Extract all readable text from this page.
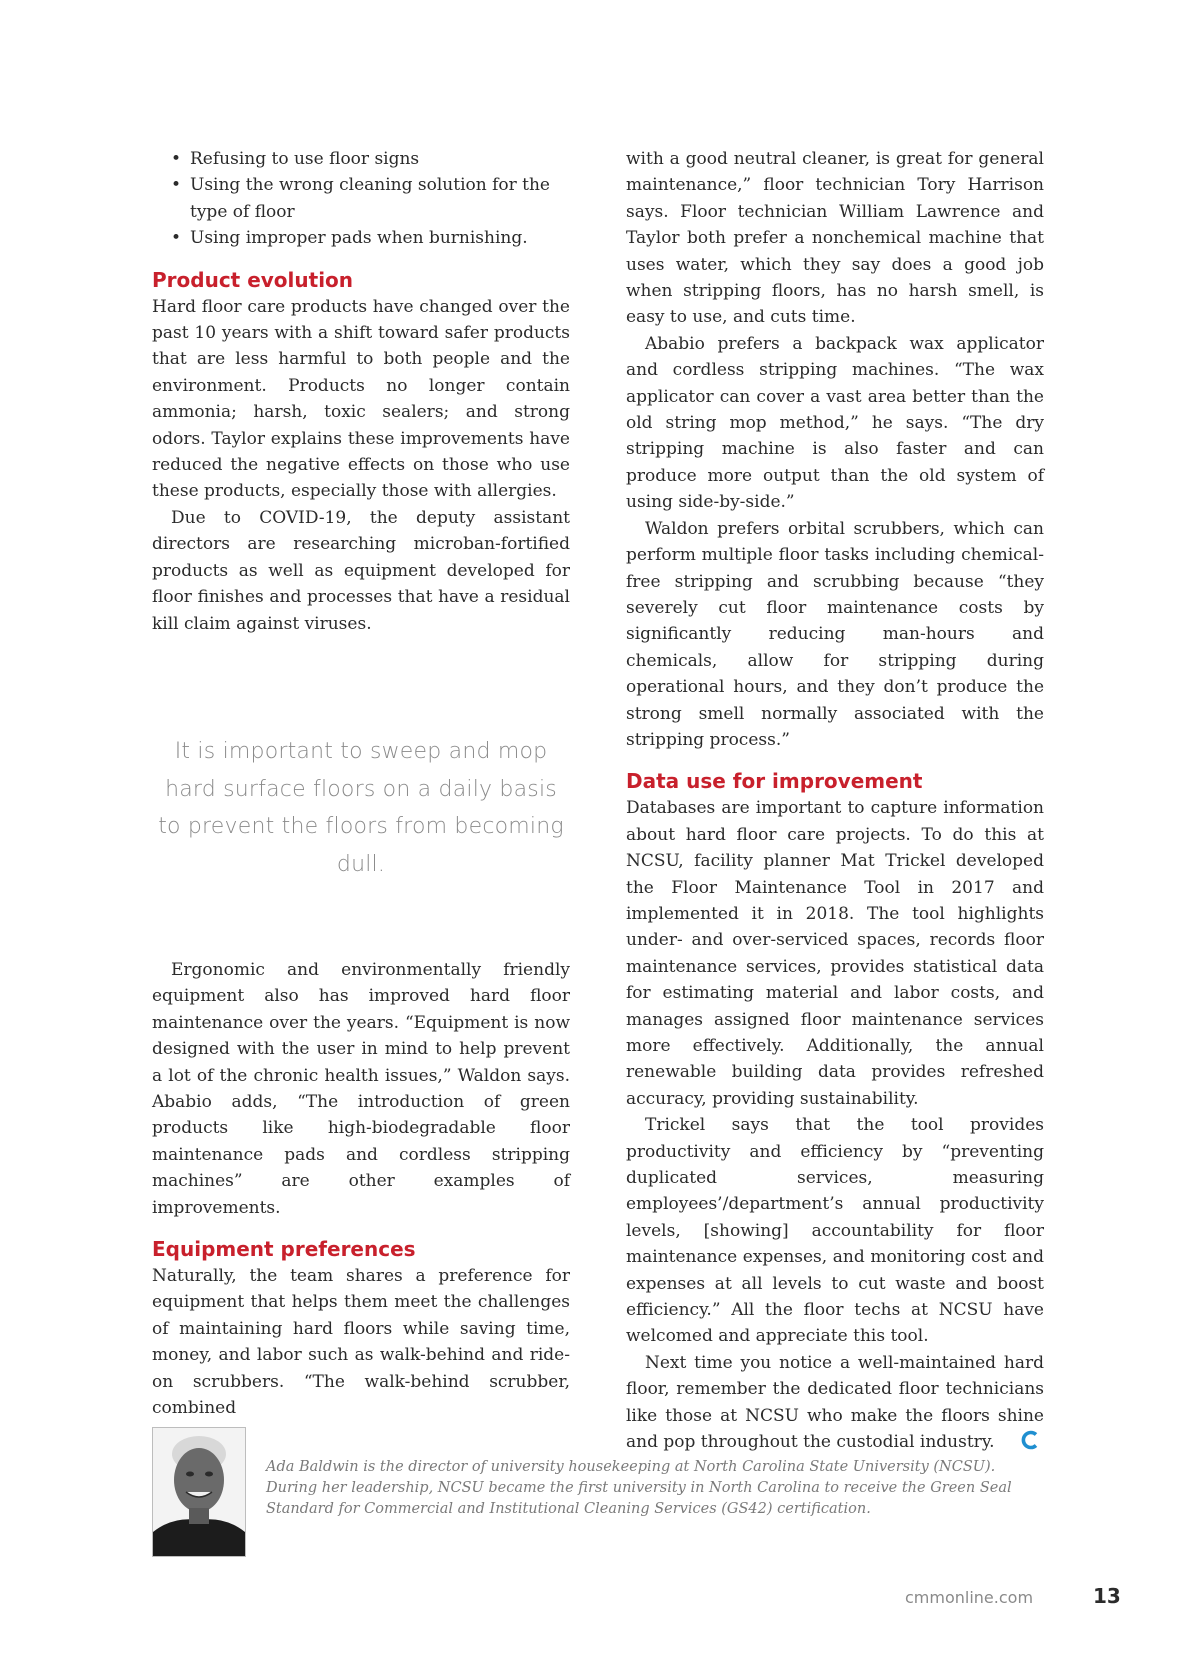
• Refusing to use floor signs
• Using the wrong cleaning solution for the type of floor
• Using improper pads when burnishing.
Product evolution

Hard floor care products have changed over the past 10 years with a shift toward safer products that are less harmful to both people and the environment. Products no longer contain ammonia; harsh, toxic sealers; and strong odors. Taylor explains these improvements have reduced the negative effects on those who use these products, especially those with allergies.

Due to COVID-19, the deputy assistant directors are researching microban-fortified products as well as equipment developed for floor finishes and processes that have a residual kill claim against viruses.

It is important to sweep and mop hard surface floors on a daily basis to prevent the floors from becoming dull.

Ergonomic and environmentally friendly equipment also has improved hard floor maintenance over the years. “Equipment is now designed with the user in mind to help prevent a lot of the chronic health issues,” Waldon says. Ababio adds, “The introduction of green products like high-biodegradable floor maintenance pads and cordless stripping machines” are other examples of improvements.

Equipment preferences

Naturally, the team shares a preference for equipment that helps them meet the challenges of maintaining hard floors while saving time, money, and labor such as walk-behind and ride-on scrubbers. “The walk-behind scrubber, combined

with a good neutral cleaner, is great for general maintenance,” floor technician Tory Harrison says. Floor technician William Lawrence and Taylor both prefer a nonchemical machine that uses water, which they say does a good job when stripping floors, has no harsh smell, is easy to use, and cuts time.

Ababio prefers a backpack wax applicator and cordless stripping machines. “The wax applicator can cover a vast area better than the old string mop method,” he says. “The dry stripping machine is also faster and can produce more output than the old system of using side-by-side.”

Waldon prefers orbital scrubbers, which can perform multiple floor tasks including chemical-free stripping and scrubbing because “they severely cut floor maintenance costs by significantly reducing man-hours and chemicals, allow for stripping during operational hours, and they don’t produce the strong smell normally associated with the stripping process.”

Data use for improvement

Databases are important to capture information about hard floor care projects. To do this at NCSU, facility planner Mat Trickel developed the Floor Maintenance Tool in 2017 and implemented it in 2018. The tool highlights under- and over-serviced spaces, records floor maintenance services, provides statistical data for estimating material and labor costs, and manages assigned floor maintenance services more effectively. Additionally, the annual renewable building data provides refreshed accuracy, providing sustainability.

Trickel says that the tool provides productivity and efficiency by “preventing duplicated services, measuring employees’/department’s annual productivity levels, [showing] accountability for floor maintenance expenses, and monitoring cost and expenses at all levels to cut waste and boost efficiency.” All the floor techs at NCSU have welcomed and appreciate this tool.

Next time you notice a well-maintained hard floor, remember the dedicated floor technicians like those at NCSU who make the floors shine and pop throughout the custodial industry.

Ada Baldwin is the director of university housekeeping at North Carolina State University (NCSU). During her leadership, NCSU became the first university in North Carolina to receive the Green Seal Standard for Commercial and Institutional Cleaning Services (GS42) certification.
cmmonline.com	13
